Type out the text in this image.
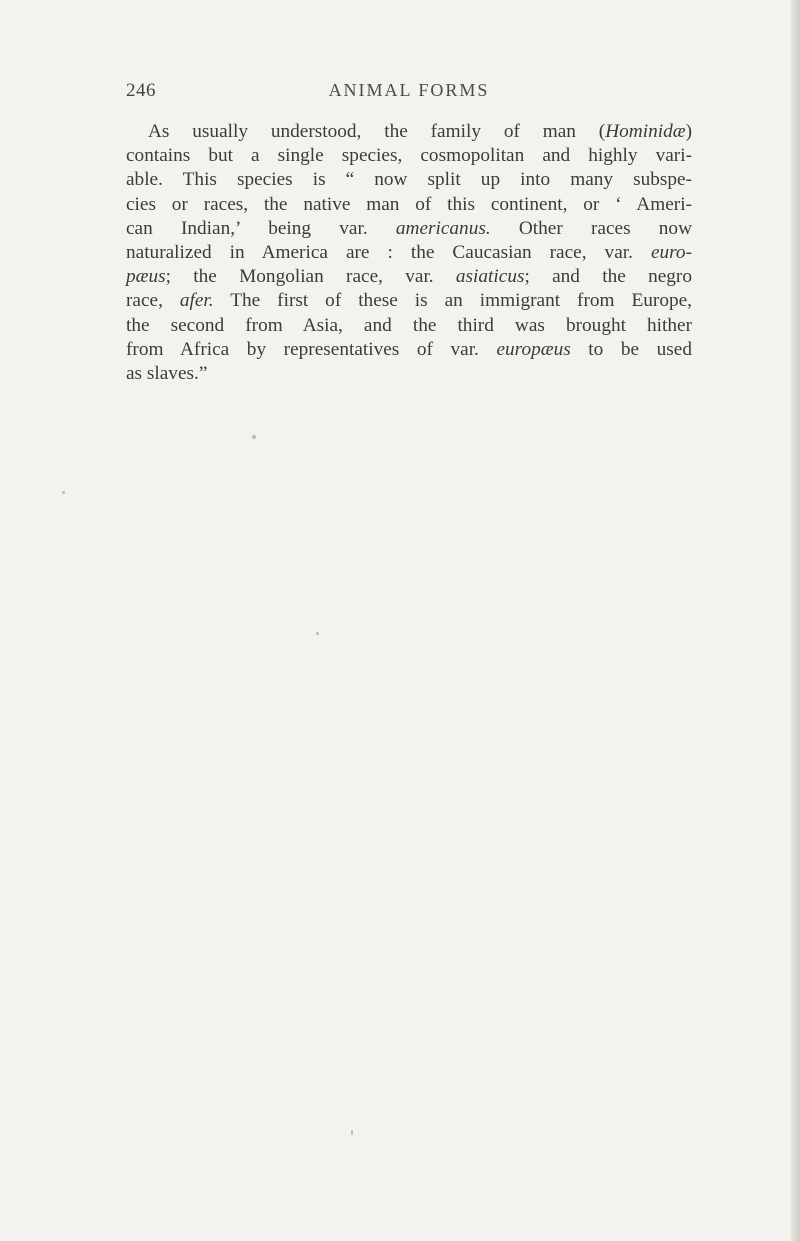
246	ANIMAL FORMS
As usually understood, the family of man (Hominidæ)
contains but a single species, cosmopolitan and highly vari-
able. This species is “ now split up into many subspe-
cies or races, the native man of this continent, or ‘ Ameri-
can Indian,’ being var. americanus. Other races now
naturalized in America are : the Caucasian race, var. euro-
pæus; the Mongolian race, var. asiaticus; and the negro
race, afer. The first of these is an immigrant from Europe,
the second from Asia, and the third was brought hither
from Africa by representatives of var. europæus to be used
as slaves.”
